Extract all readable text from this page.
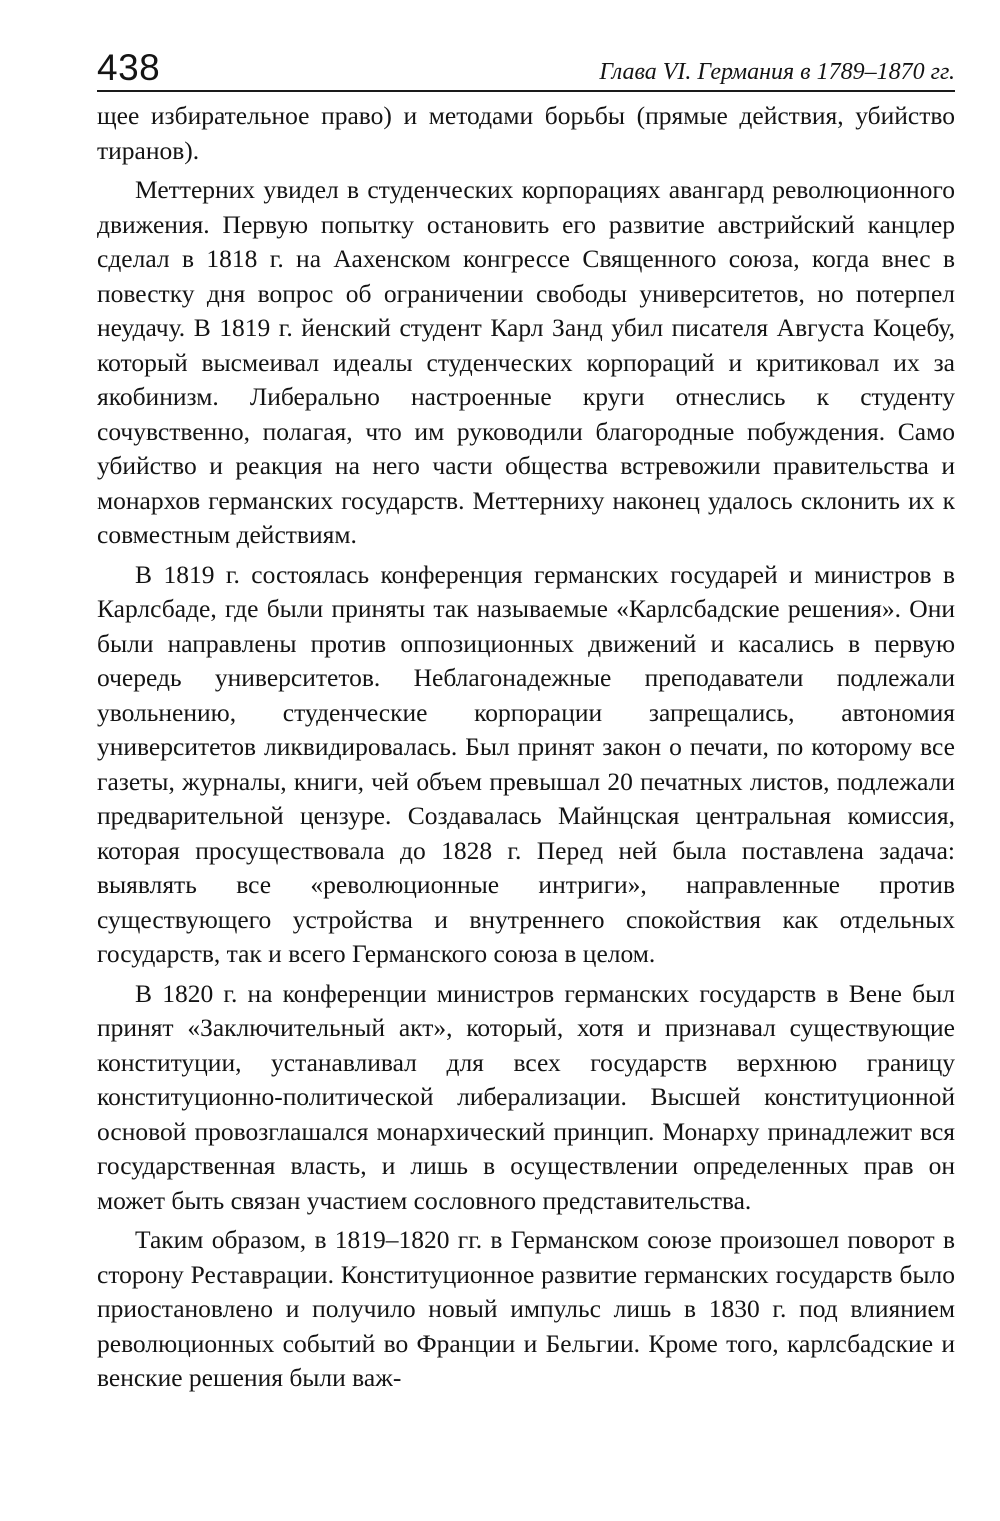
438	Глава VI. Германия в 1789–1870 гг.

щее избирательное право) и методами борьбы (прямые действия, убийство тиранов).

Меттерних увидел в студенческих корпорациях авангард революционного движения. Первую попытку остановить его развитие австрийский канцлер сделал в 1818 г. на Аахенском конгрессе Священного союза, когда внес в повестку дня вопрос об ограничении свободы университетов, но потерпел неудачу. В 1819 г. йенский студент Карл Занд убил писателя Августа Коцебу, который высмеивал идеалы студенческих корпораций и критиковал их за якобинизм. Либерально настроенные круги отнеслись к студенту сочувственно, полагая, что им руководили благородные побуждения. Само убийство и реакция на него части общества встревожили правительства и монархов германских государств. Меттерниху наконец удалось склонить их к совместным действиям.

В 1819 г. состоялась конференция германских государей и министров в Карлсбаде, где были приняты так называемые «Карлсбадские решения». Они были направлены против оппозиционных движений и касались в первую очередь университетов. Неблагонадежные преподаватели подлежали увольнению, студенческие корпорации запрещались, автономия университетов ликвидировалась. Был принят закон о печати, по которому все газеты, журналы, книги, чей объем превышал 20 печатных листов, подлежали предварительной цензуре. Создавалась Майнцская центральная комиссия, которая просуществовала до 1828 г. Перед ней была поставлена задача: выявлять все «революционные интриги», направленные против существующего устройства и внутреннего спокойствия как отдельных государств, так и всего Германского союза в целом.

В 1820 г. на конференции министров германских государств в Вене был принят «Заключительный акт», который, хотя и признавал существующие конституции, устанавливал для всех государств верхнюю границу конституционно-политической либерализации. Высшей конституционной основой провозглашался монархический принцип. Монарху принадлежит вся государственная власть, и лишь в осуществлении определенных прав он может быть связан участием сословного представительства.

Таким образом, в 1819–1820 гг. в Германском союзе произошел поворот в сторону Реставрации. Конституционное развитие германских государств было приостановлено и получило новый импульс лишь в 1830 г. под влиянием революционных событий во Франции и Бельгии. Кроме того, карлсбадские и венские решения были важ-
